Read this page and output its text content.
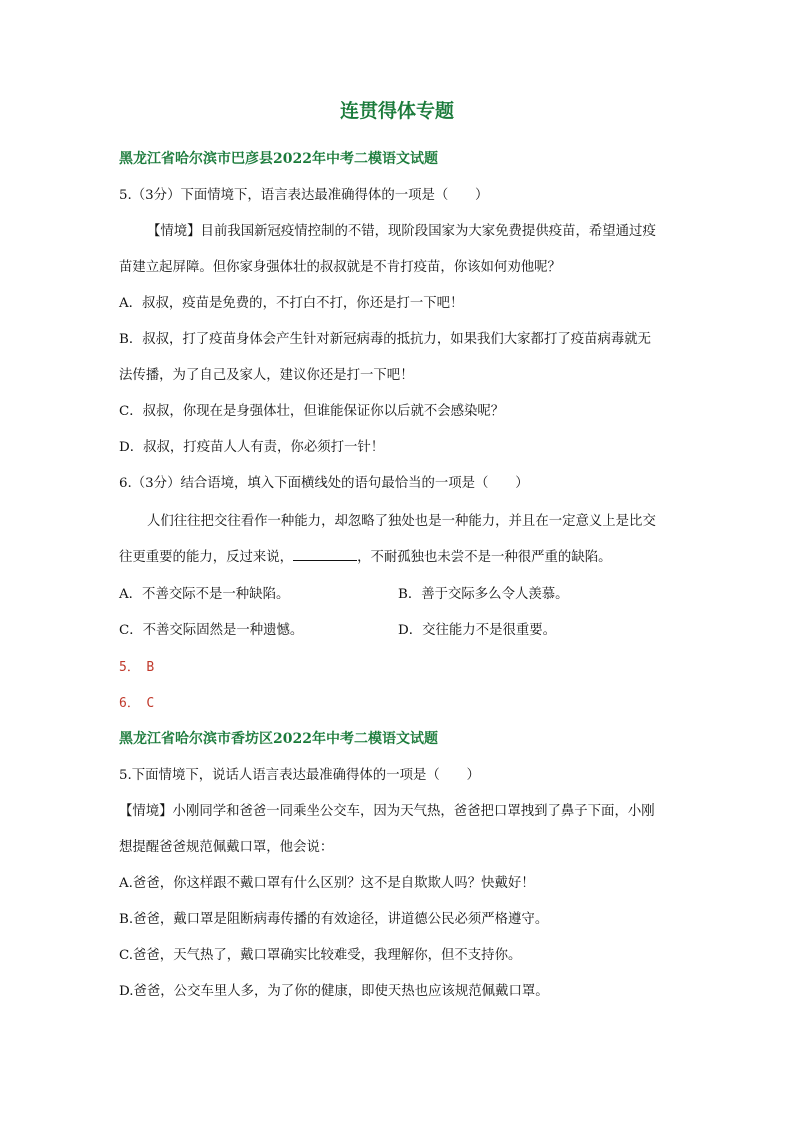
连贯得体专题
黑龙江省哈尔滨市巴彦县2022年中考二模语文试题
5.（3分）下面情境下，语言表达最准确得体的一项是（　　）
【情境】目前我国新冠疫情控制的不错，现阶段国家为大家免费提供疫苗，希望通过疫
苗建立起屏障。但你家身强体壮的叔叔就是不肯打疫苗，你该如何劝他呢？
A．叔叔，疫苗是免费的，不打白不打，你还是打一下吧！
B．叔叔，打了疫苗身体会产生针对新冠病毒的抵抗力，如果我们大家都打了疫苗病毒就无
法传播，为了自己及家人，建议你还是打一下吧！
C．叔叔，你现在是身强体壮，但谁能保证你以后就不会感染呢？
D．叔叔，打疫苗人人有责，你必须打一针！
6.（3分）结合语境，填入下面横线处的语句最恰当的一项是（　　）
人们往往把交往看作一种能力，却忽略了独处也是一种能力，并且在一定意义上是比交
往更重要的能力，反过来说，	，不耐孤独也未尝不是一种很严重的缺陷。
A．不善交际不是一种缺陷。	B．善于交际多么令人羡慕。
C．不善交际固然是一种遗憾。	D．交往能力不是很重要。
5．　B
6．　C
黑龙江省哈尔滨市香坊区2022年中考二模语文试题
5.下面情境下，说话人语言表达最准确得体的一项是（　　）
【情境】小刚同学和爸爸一同乘坐公交车，因为天气热，爸爸把口罩拽到了鼻子下面，小刚
想提醒爸爸规范佩戴口罩，他会说：
A.爸爸，你这样跟不戴口罩有什么区别？这不是自欺欺人吗？快戴好！
B.爸爸，戴口罩是阻断病毒传播的有效途径，讲道德公民必须严格遵守。
C.爸爸，天气热了，戴口罩确实比较难受，我理解你，但不支持你。
D.爸爸，公交车里人多，为了你的健康，即使天热也应该规范佩戴口罩。
